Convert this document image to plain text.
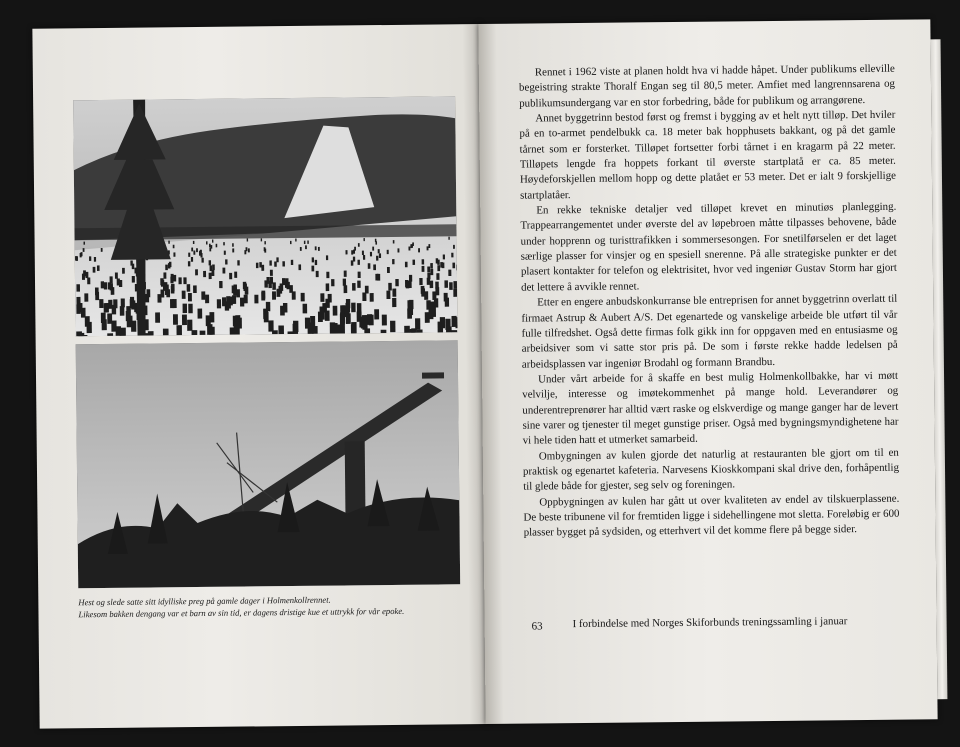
Hest og slede satte sitt idylliske preg på gamle dager i Holmenkollrennet.
Likesom bakken dengang var et barn av sin tid, er dagens dristige kue et uttrykk for vår epoke.

Rennet i 1962 viste at planen holdt hva vi hadde håpet. Under publikums elleville begeistring strakte Thoralf Engan seg til 80,5 meter. Amfiet med langrennsarena og publikumsundergang var en stor forbedring, både for publikum og arrangørene.

Annet byggetrinn bestod først og fremst i bygging av et helt nytt tilløp. Det hviler på en to-armet pendelbukk ca. 18 meter bak hopphusets bakkant, og på det gamle tårnet som er forsterket. Tilløpet fortsetter forbi tårnet i en kragarm på 22 meter. Tilløpets lengde fra hoppets forkant til øverste startplatå er ca. 85 meter. Høydeforskjellen mellom hopp og dette platået er 53 meter. Det er ialt 9 forskjellige startplatåer.

En rekke tekniske detaljer ved tilløpet krevet en minutiøs planlegging. Trappearrangementet under øverste del av løpebroen måtte tilpasses behovene, både under hopprenn og turisttrafikken i sommersesongen. For snetilførselen er det laget særlige plasser for vinsjer og en spesiell snerenne. På alle strategiske punkter er det plasert kontakter for telefon og elektrisitet, hvor ved ingeniør Gustav Storm har gjort det lettere å avvikle rennet.

Etter en engere anbudskonkurranse ble entreprisen for annet byggetrinn overlatt til firmaet Astrup & Aubert A/S. Det egenartede og vanskelige arbeide ble utført til vår fulle tilfredshet. Også dette firmas folk gikk inn for oppgaven med en entusiasme og arbeidsiver som vi satte stor pris på. De som i første rekke hadde ledelsen på arbeidsplassen var ingeniør Brodahl og formann Brandbu.

Under vårt arbeide for å skaffe en best mulig Holmenkollbakke, har vi møtt velvilje, interesse og imøtekommenhet på mange hold. Leverandører og underentreprenører har alltid vært raske og elskverdige og mange ganger har de levert sine varer og tjenester til meget gunstige priser. Også med bygningsmyndighetene har vi hele tiden hatt et utmerket samarbeid.

Ombygningen av kulen gjorde det naturlig at restauranten ble gjort om til en praktisk og egenartet kafeteria. Narvesens Kioskkompani skal drive den, forhåpentlig til glede både for gjester, seg selv og foreningen.

Oppbygningen av kulen har gått ut over kvaliteten av endel av tilskuerplassene. De beste tribunene vil for fremtiden ligge i sidehellingene mot sletta. Foreløbig er 600 plasser bygget på sydsiden, og etterhvert vil det komme flere på begge sider.

63	I forbindelse med Norges Skiforbunds treningssamling i januar
